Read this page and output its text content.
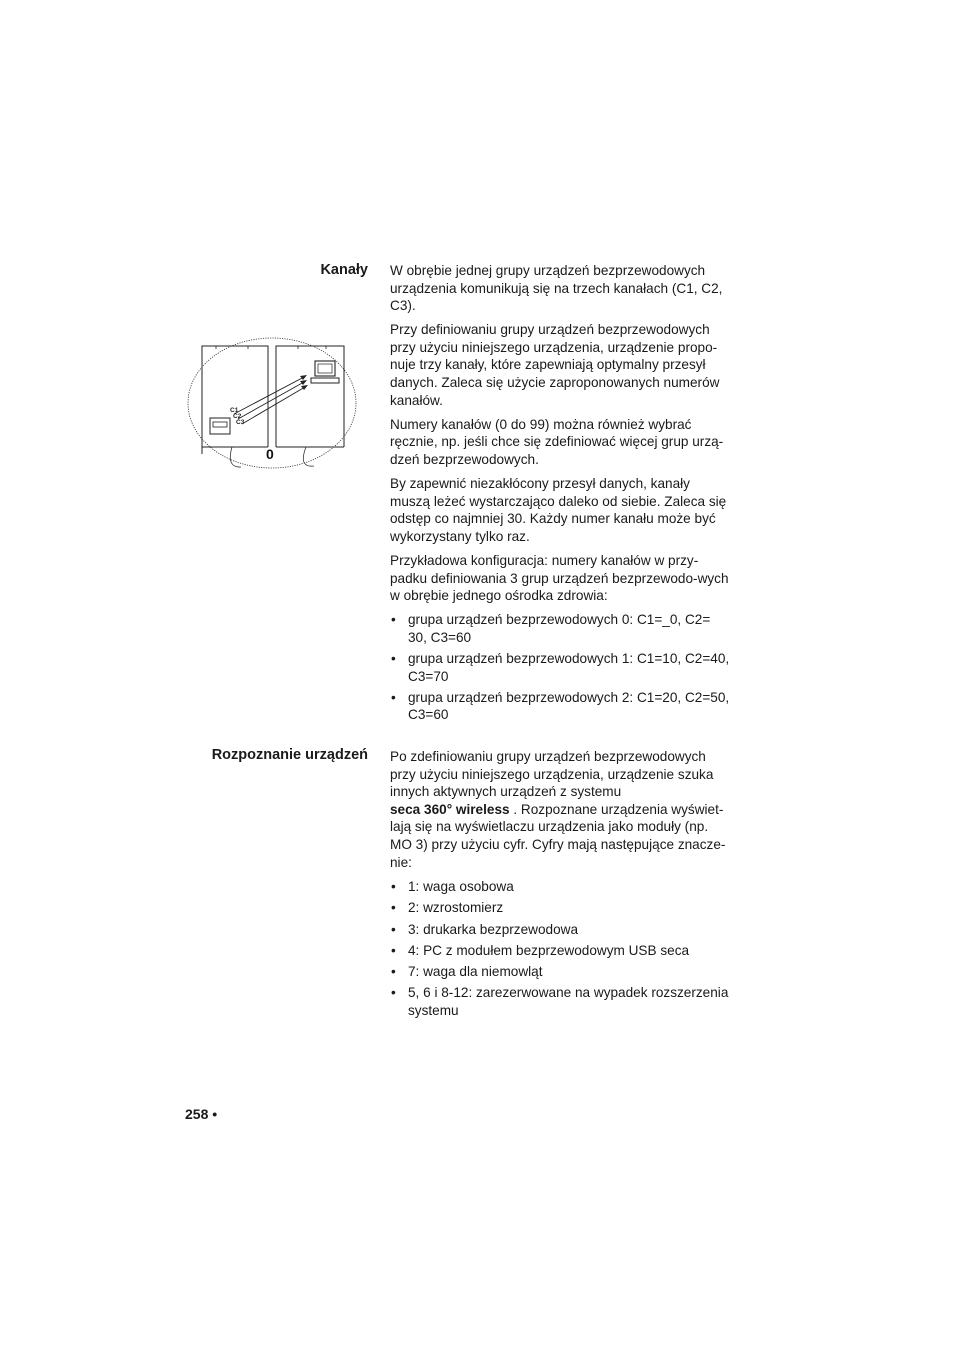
Kanały W obrębie jednej grupy urządzeń bezprzewodowych urządzenia komunikują się na trzech kanałach (C1, C2, C3).

Przy definiowaniu grupy urządzeń bezprzewodowych przy użyciu niniejszego urządzenia, urządzenie propo-nuje trzy kanały, które zapewniają optymalny przesył danych. Zaleca się użycie zaproponowanych numerów kanałów.

Numery kanałów (0 do 99) można również wybrać ręcznie, np. jeśli chce się zdefiniować więcej grup urzą-dzeń bezprzewodowych.

By zapewnić niezakłócony przesył danych, kanały muszą leżeć wystarczająco daleko od siebie. Zaleca się odstęp co najmniej 30. Każdy numer kanału może być wykorzystany tylko raz.

Przykładowa konfiguracja: numery kanałów w przy-padku definiowania 3 grup urządzeń bezprzewodo-wych w obrębie jednego ośrodka zdrowia:

• grupa urządzeń bezprzewodowych 0: C1=_0, C2= 30, C3=60
• grupa urządzeń bezprzewodowych 1: C1=10, C2=40, C3=70
• grupa urządzeń bezprzewodowych 2: C1=20, C2=50, C3=60
C1
C2
C3
0
Rozpoznanie urządzeń Po zdefiniowaniu grupy urządzeń bezprzewodowych przy użyciu niniejszego urządzenia, urządzenie szuka innych aktywnych urządzeń z systemu
seca 360° wireless . Rozpoznane urządzenia wyświet-lają się na wyświetlaczu urządzenia jako moduły (np. MO 3) przy użyciu cyfr. Cyfry mają następujące znacze-nie:

• 1: waga osobowa
• 2: wzrostomierz
• 3: drukarka bezprzewodowa
• 4: PC z modułem bezprzewodowym USB seca
• 7: waga dla niemowląt
• 5, 6 i 8-12: zarezerwowane na wypadek rozszerzenia systemu
258 •
